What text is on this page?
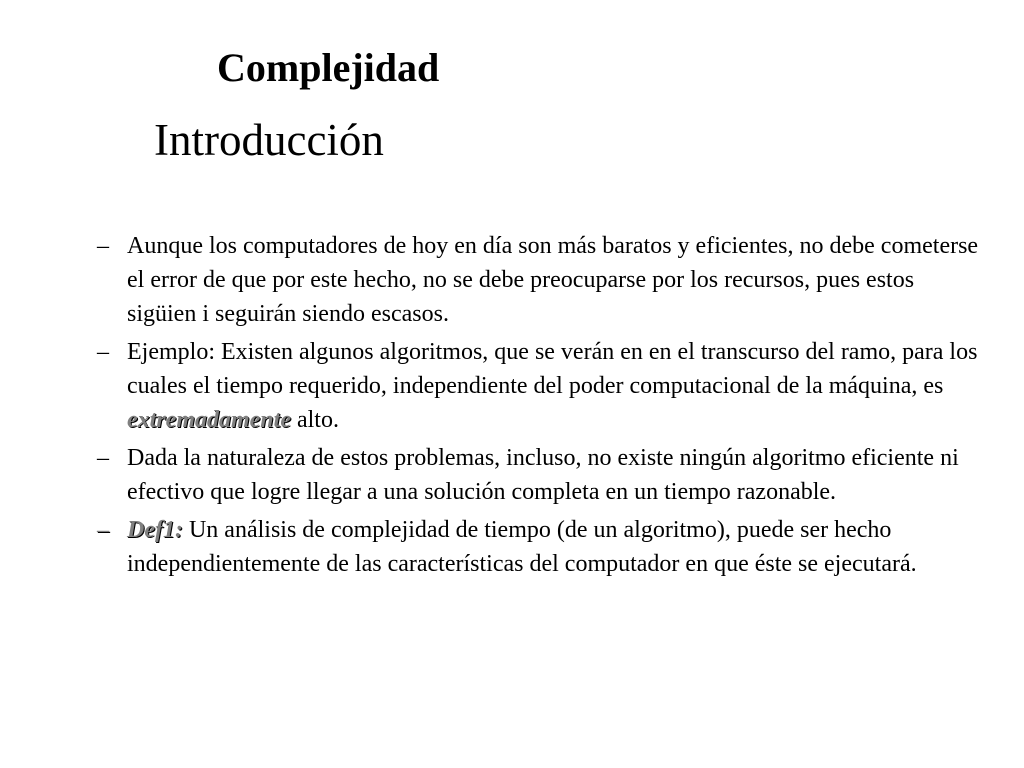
Complejidad
Introducción
– Aunque los computadores de hoy en día son más baratos y eficientes, no debe cometerse el error de que por este hecho, no se debe preocuparse por los recursos, pues estos sigüien i seguirán siendo escasos.
– Ejemplo: Existen algunos algoritmos, que se verán en en el transcurso del ramo, para los cuales el tiempo requerido, independiente del poder computacional de la máquina, es extremadamente alto.
– Dada la naturaleza de estos problemas, incluso, no existe ningún algoritmo eficiente ni efectivo que logre llegar a una solución completa en un tiempo razonable.
– Def1: Un análisis de complejidad de tiempo (de un algoritmo), puede ser hecho independientemente de las características del computador en que éste se ejecutará.
